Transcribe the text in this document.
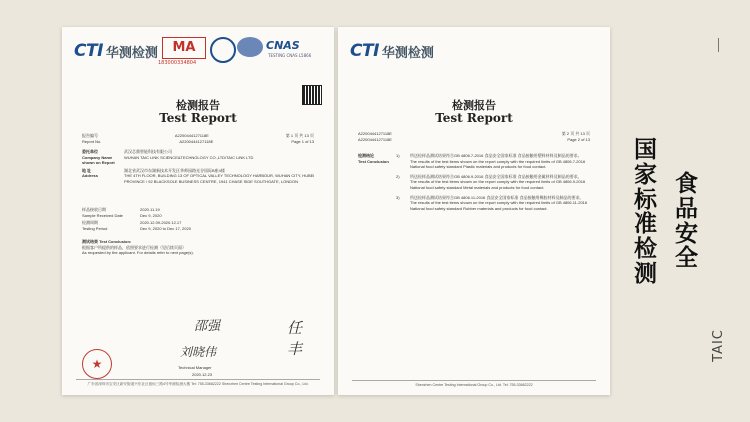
CTI 华测检测	MA
183000334804
CNAS
TESTING CNAS L5866
检测报告
Test Report
报告编号	A2200444127118E	第 1 页 共 13 页
Report No.	A2200444127118E	Page 1 of 13
委托单位
Company Name shown on Report
武汉芯鼎智能科技有限公司
WUHAN TAIC LINK SCIENCE&TECHNOLOGY CO.,LTD/TAIC LINK LTD
地 址
Address
湖北省武汉市东湖新技术开发区华师园路光谷国际B座4楼
THE 4TH FLOOR, BUILDING 13 OF OPTICAL VALLEY TECHNOLOGY HARBOUR, WUHAN CITY, HUBEI PROVINCE / 92 BLACKSOLE BUSINESS CENTRE, 1941 CHASE SIDE SOUTHGATE, LONDON
样品接收日期
Sample Received Date
2020.11.19
Dec 9, 2020
检测周期
Testing Period
2020.12.09-2020.12.17
Dec 9, 2020 to Dec 17, 2020
测试结果 Test Conclusion:
根据客户所提供的样品，依照要求进行检测（见后续页面）
As requested by the applicant. For details refer to next page(s).
邵强	任丰
刘晓伟
Technical Manager
2020.12.23
★
广东省深圳市宝安区新安街道兴东社区留仙三路4号华测检测大楼 Tel: 755-33682222 Shenzhen Centre Testing International Group Co., Ltd.
CTI 华测检测
检测报告
Test Report
A2200444127118E	第 2 页 共 13 页
A2200444127118E	Page 2 of 13
检测结论
Test Conclusion
1)	所送检样品测试结果符合GB 4806.7-2016 食品安全国家标准 食品接触用塑料材料及制品的要求。
The results of the test items shown on the report comply with the required limits of GB 4806.7-2016 National food safety standard Plastic materials and products for food contact.
2)	所送检样品测试结果符合GB 4806.9-2016 食品安全国家标准 食品接触用金属材料及制品的要求。
The results of the test items shown on the report comply with the required limits of GB 4806.9-2016 National food safety standard Metal materials and products for food contact.
3)	所送检样品测试结果符合GB 4806.11-2016 食品安全国家标准 食品接触用橡胶材料及制品的要求。
The results of the test items shown on the report comply with the required limits of GB 4806.11-2016 National food safety standard Rubber materials and products for food contact.
Shenzhen Centre Testing International Group Co., Ltd. Tel: 755-33682222
国
家
标
准
检
测
食
品
安
全
TAIC
